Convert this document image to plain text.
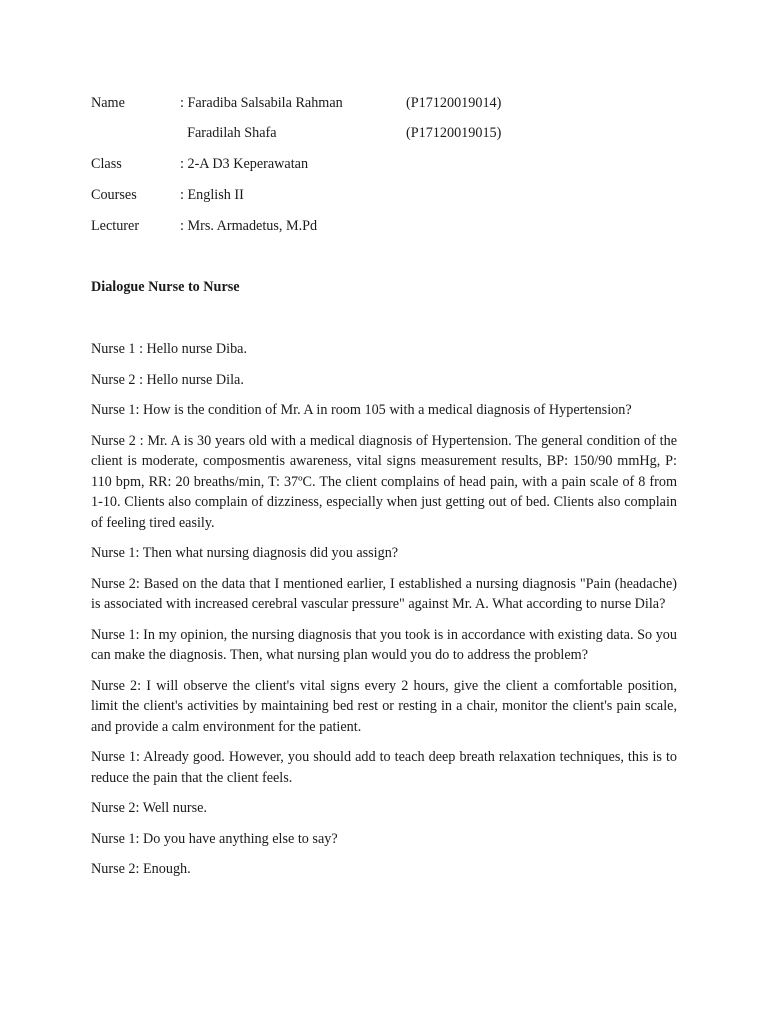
Name	: Faradiba Salsabila Rahman	(P17120019014)
Faradilah Shafa	(P17120019015)
Class	: 2-A D3 Keperawatan
Courses	: English II
Lecturer	: Mrs. Armadetus, M.Pd
Dialogue Nurse to Nurse

Nurse 1 : Hello nurse Diba.

Nurse 2 : Hello nurse Dila.

Nurse 1: How is the condition of Mr. A in room 105 with a medical diagnosis of Hypertension?

Nurse 2 : Mr. A is 30 years old with a medical diagnosis of Hypertension. The general condition of the client is moderate, composmentis awareness, vital signs measurement results, BP: 150/90 mmHg, P: 110 bpm, RR: 20 breaths/min, T: 37ºC. The client complains of head pain, with a pain scale of 8 from 1-10. Clients also complain of dizziness, especially when just getting out of bed. Clients also complain of feeling tired easily.

Nurse 1: Then what nursing diagnosis did you assign?

Nurse 2: Based on the data that I mentioned earlier, I established a nursing diagnosis "Pain (headache) is associated with increased cerebral vascular pressure" against Mr. A. What according to nurse Dila?

Nurse 1: In my opinion, the nursing diagnosis that you took is in accordance with existing data. So you can make the diagnosis. Then, what nursing plan would you do to address the problem?

Nurse 2: I will observe the client's vital signs every 2 hours, give the client a comfortable position, limit the client's activities by maintaining bed rest or resting in a chair, monitor the client's pain scale, and provide a calm environment for the patient.

Nurse 1: Already good. However, you should add to teach deep breath relaxation techniques, this is to reduce the pain that the client feels.

Nurse 2: Well nurse.

Nurse 1: Do you have anything else to say?

Nurse 2: Enough.
